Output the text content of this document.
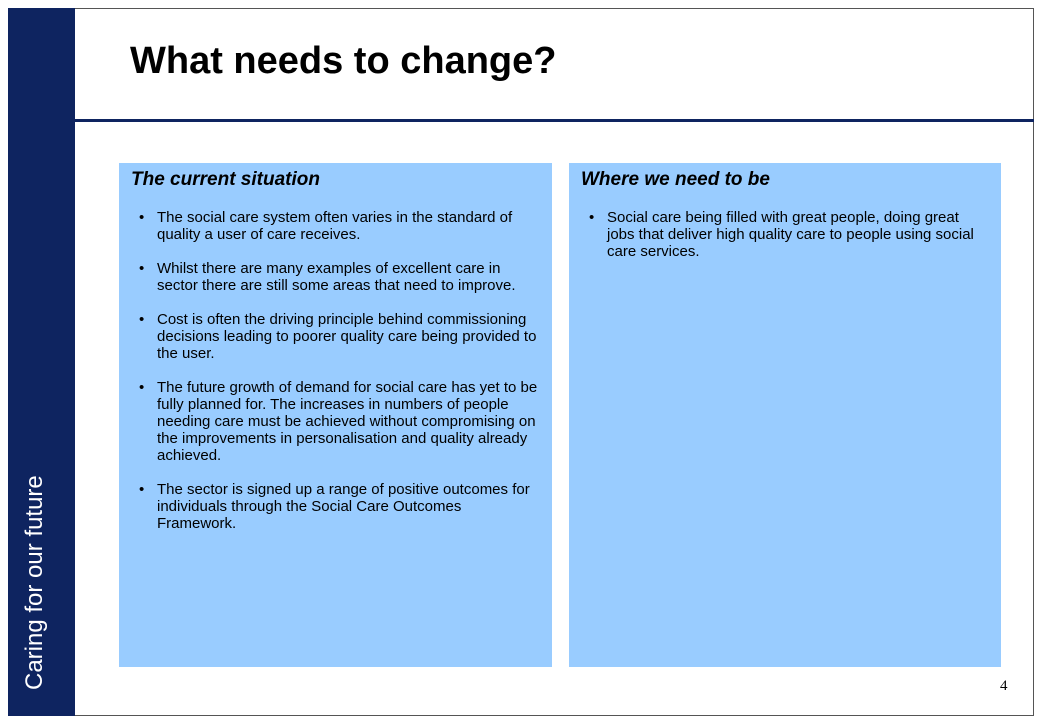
Caring for our future
What needs to change?
The current situation
• The social care system often varies in the standard of quality a user of care receives.
• Whilst there are many examples of excellent care in sector there are still some areas that need to improve.
• Cost is often the driving principle behind commissioning decisions leading to poorer quality care being provided to the user.
• The future growth of demand for social care has yet to be fully planned for. The increases in numbers of people needing care must be achieved without compromising on the improvements in personalisation and quality already achieved.
• The sector is signed up a range of positive outcomes for individuals through the Social Care Outcomes Framework.
Where we need to be
• Social care being filled with great people, doing great jobs that deliver high quality care to people using social care services.
4
